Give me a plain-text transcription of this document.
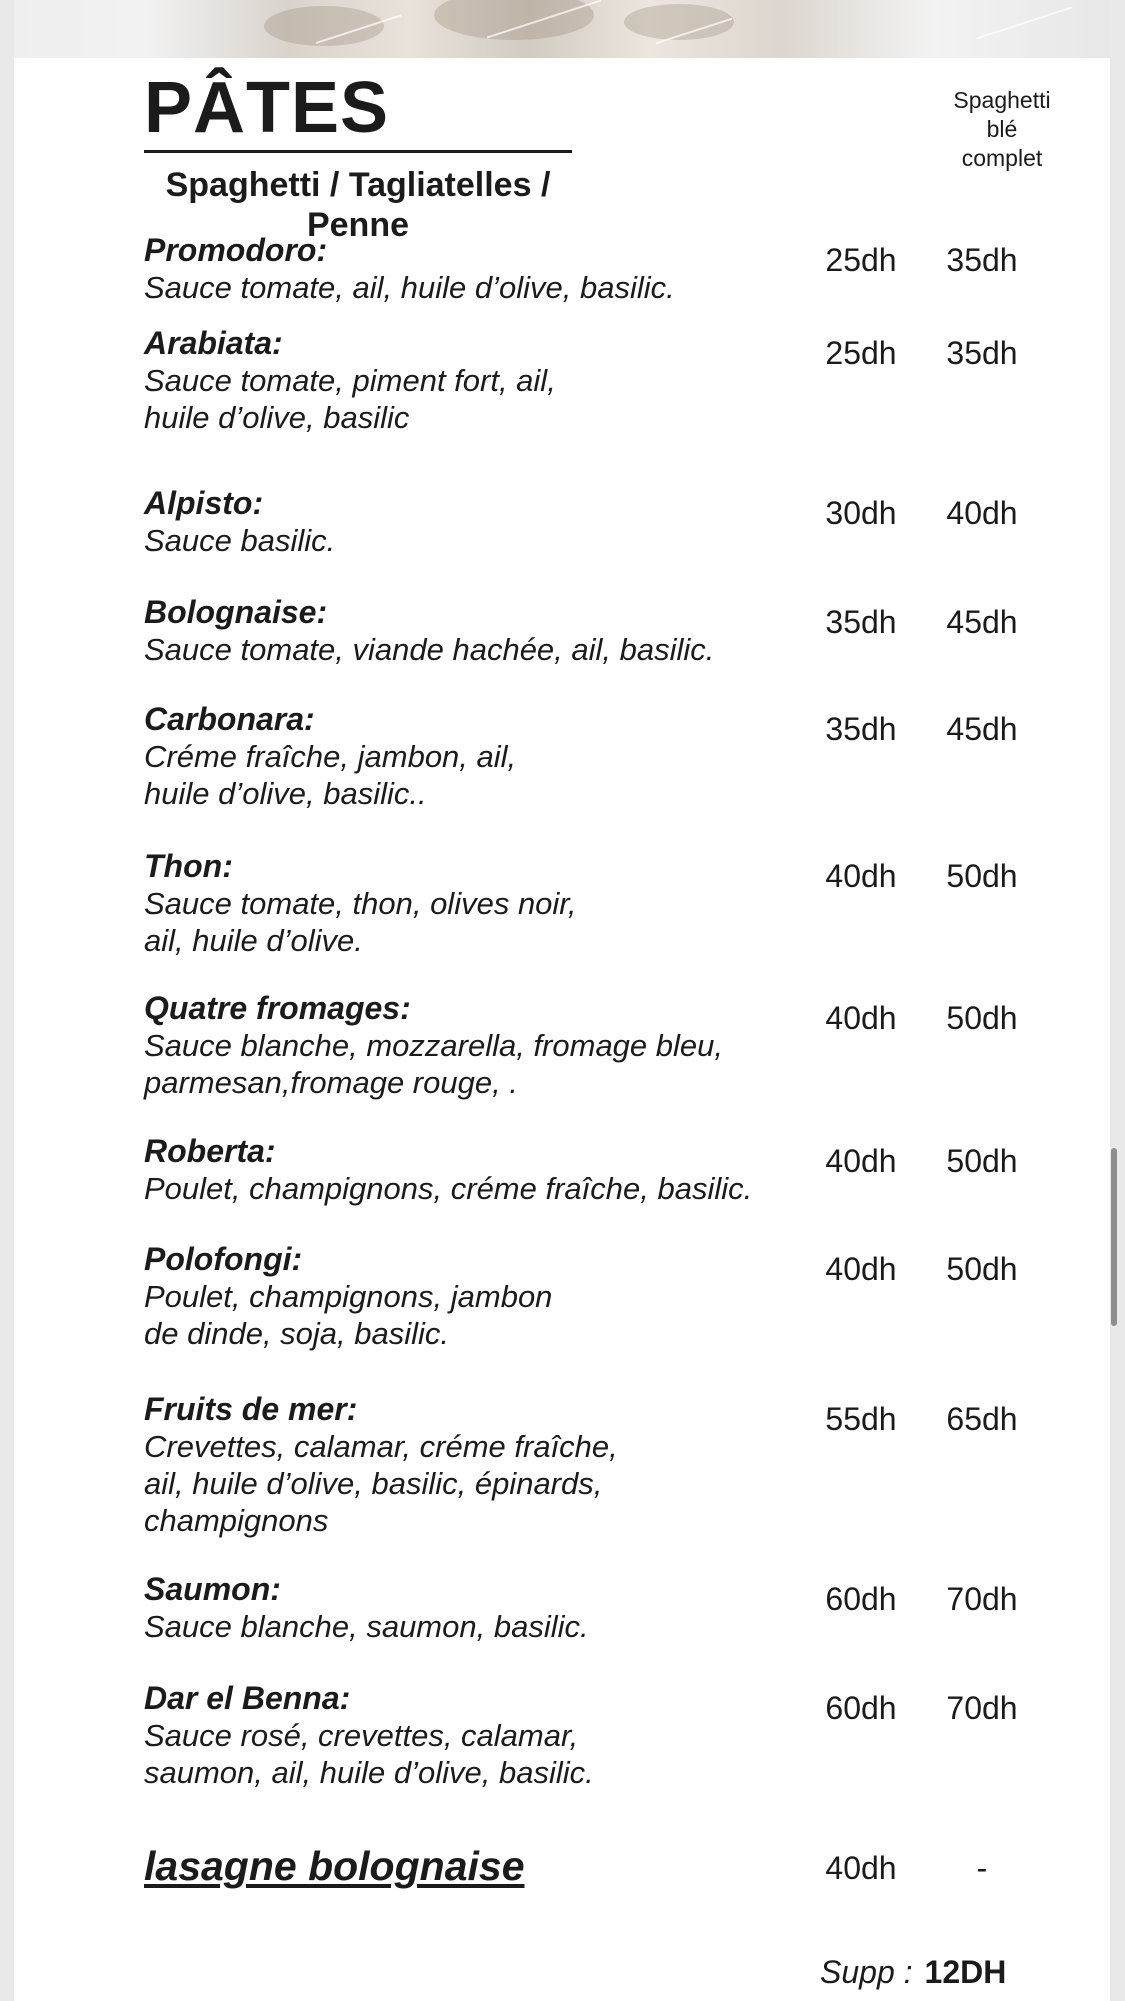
PÂTES
Spaghetti / Tagliatelles / Penne
Spaghetti
blé
complet
Promodoro:
Sauce tomate, ail, huile d’olive, basilic.
25dh	35dh
Arabiata:
Sauce tomate, piment fort, ail,
huile d’olive, basilic
25dh	35dh
Alpisto:
Sauce basilic.
30dh	40dh
Bolognaise:
Sauce tomate, viande hachée, ail, basilic.
35dh	45dh
Carbonara:
Créme fraîche, jambon, ail,
huile d’olive, basilic..
35dh	45dh
Thon:
Sauce tomate, thon, olives noir,
ail, huile d’olive.
40dh	50dh
Quatre fromages:
Sauce blanche, mozzarella, fromage bleu,
parmesan,fromage rouge, .
40dh	50dh
Roberta:
Poulet, champignons, créme fraîche, basilic.
40dh	50dh
Polofongi:
Poulet, champignons, jambon
de dinde, soja, basilic.
40dh	50dh
Fruits de mer:
Crevettes, calamar, créme fraîche,
ail, huile d’olive, basilic, épinards,
champignons
55dh	65dh
Saumon:
Sauce blanche, saumon, basilic.
60dh	70dh
Dar el Benna:
Sauce rosé, crevettes, calamar,
saumon, ail, huile d’olive, basilic.
60dh	70dh
lasagne bolognaise	40dh	-
Supp : 12DH
